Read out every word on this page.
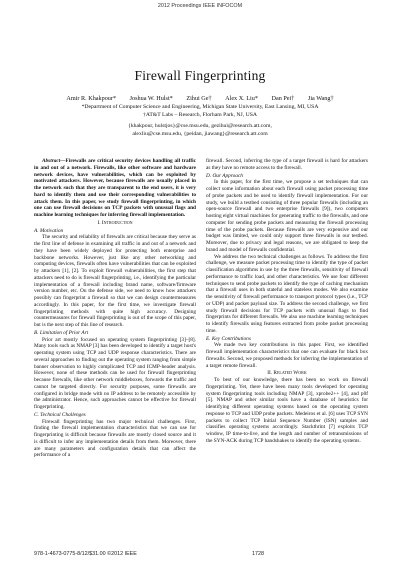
2012 Proceedings IEEE INFOCOM
Firewall Fingerprinting
Amir R. Khakpour* Joshua W. Hulst* Zihui Ge† Alex X. Liu* Dan Pei† Jia Wang†
*Department of Computer Science and Engineering, Michigan State University, East Lansing, MI, USA
†AT&T Labs – Research, Florham Park, NJ, USA
{khakpour, hulstjos}@cse.msu.edu, gezihui@research.att.com,
alexliu@cse.msu.edu, {peidan, jiawang}@research.att.com

Abstract—Firewalls are critical security devices handling all traffic in and out of a network. Firewalls, like other software and hardware network devices, have vulnerabilities, which can be exploited by motivated attackers. However, because firewalls are usually placed in the network such that they are transparent to the end users, it is very hard to identify them and use their corresponding vulnerabilities to attack them. In this paper, we study firewall fingerprinting, in which one can use firewall decisions on TCP packets with unusual flags and machine learning techniques for inferring firewall implementation.

I. Introduction
A. Motivation

The security and reliability of firewalls are critical because they serve as the first line of defense in examining all traffic in and out of a network and they have been widely deployed for protecting both enterprise and backbone networks. However, just like any other networking and computing devices, firewalls often have vulnerabilities that can be exploited by attackers [1], [2]. To exploit firewall vulnerabilities, the first step that attackers need to do is firewall fingerprinting, i.e., identifying the particular implementation of a firewall including brand name, software/firmware version number, etc. On the defense side, we need to know how attackers possibly can fingerprint a firewall so that we can design countermeasures accordingly. In this paper, for the first time, we investigate firewall fingerprinting methods with quite high accuracy. Designing countermeasures for firewall fingerprinting is out of the scope of this paper, but is the next step of this line of research.

B. Limitation of Prior Art

Prior art mostly focused on operating system fingerprinting [3]–[8]. Many tools such as NMAP [3] has been developed to identify a target host's operating system using TCP and UDP response characteristics. There are several approaches to finding out the operating system ranging from simple banner observation to highly complicated TCP and ICMP-header analysis. However, none of these methods can be used for firewall fingerprinting because firewalls, like other network middleboxes, forwards the traffic and cannot be targeted directly. For security purposes, some firewalls are configured in bridge mode with no IP address to be remotely accessible by the administrator. Hence, such approaches cannot be effective for firewall fingerprinting.

C. Technical Challenges

Firewall fingerprinting has two major technical challenges. First, finding the firewall implementation characteristics that we can use for fingerprinting is difficult because firewalls are mostly closed source and it is difficult to infer any implementation details from them. Moreover, there are many parameters and configuration details that can affect the performance of a

firewall. Second, inferring the type of a target firewall is hard for attackers as they have no remote access to the firewall.

D. Our Approach

In this paper, for the first time, we propose a set techniques that can collect some information about each firewall using packet processing time of probe packets and be used to identify firewall implementation. For our study, we build a testbed consisting of three popular firewalls (including an open-source firewall and two enterprise firewalls [9]), two computers hosting eight virtual machines for generating traffic to the firewalls, and one computer for sending probe packets and measuring the firewall processing time of the probe packets. Because firewalls are very expensive and our budget was limited, we could only support three firewalls in our testbed. Moreover, due to privacy and legal reasons, we are obligated to keep the brand and model of firewalls confidential.

We address the two technical challenges as follows. To address the first challenge, we measure packet processing time to identify the type of packet classification algorithms in use by the three firewalls, sensitivity of firewall performance to traffic load, and other characteristics. We use four different techniques to send probe packets to identify the type of caching mechanism that a firewall uses in both stateful and stateless modes. We also examine the sensitivity of firewall performance to transport protocol types (i.e., TCP or UDP) and packet payload size. To address the second challenge, we first study firewall decisions for TCP packets with unusual flags to find fingerprints for different firewalls. We also use machine learning techniques to identify firewalls using features extracted from probe packet processing time.

E. Key Contributions

We made two key contributions in this paper. First, we identified firewall implementation characteristics that one can evaluate for black box firewalls. Second, we proposed methods for inferring the implementation of a target remote firewall.

II. Related Work

To best of our knowledge, there has been no work on firewall fingerprinting. Yet, there have been many tools developed for operating system fingerprinting tools including NMAP [3], xprobe2++ [4], and p0f [5]. NMAP and other similar tools have a database of heuristics for identifying different operating systems based on the operating system response to TCP and UDP probe packets. Medeiros et al. [6] uses TCP SYN packets to collect TCP Initial Sequence Number (ISN) samples and classifies operating systems accordingly. Stackthrint [7] exploits TCP window, IP time-to-live, and the length and number of retransmissions of the SYN-ACK during TCP handshakes to identify the operating systems.

978-1-4673-0775-8/12/$31.00 ©2012 IEEE	1728
